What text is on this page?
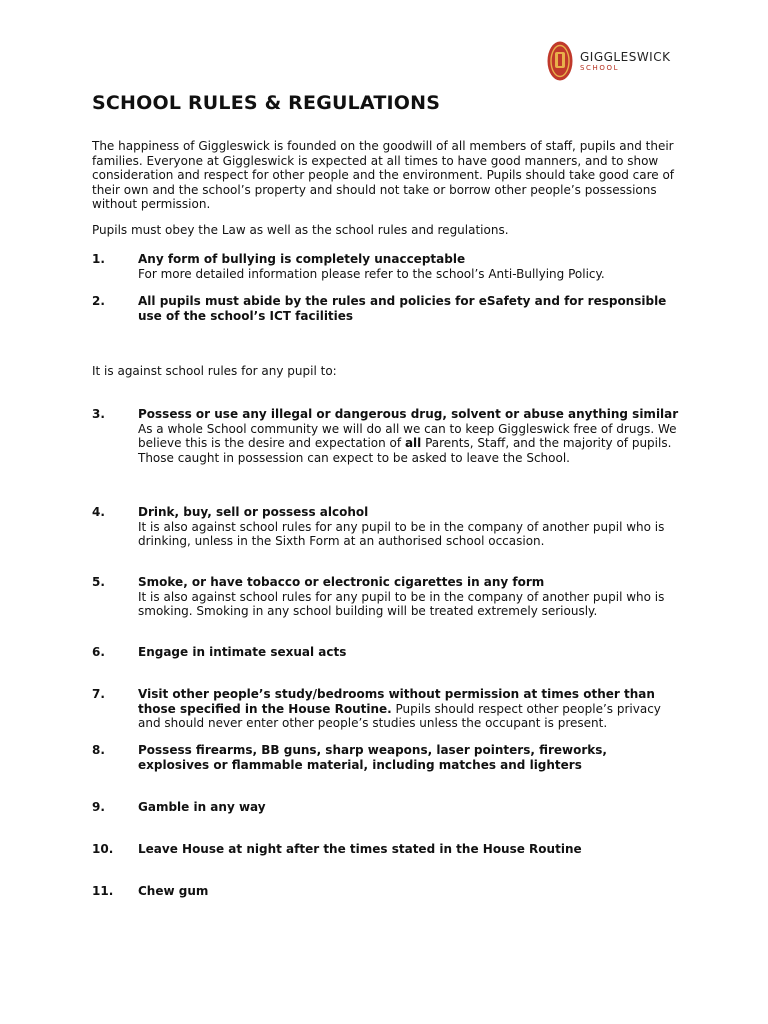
GIGGLESWICK
SCHOOL
SCHOOL RULES & REGULATIONS

The happiness of Giggleswick is founded on the goodwill of all members of staff, pupils and their families. Everyone at Giggleswick is expected at all times to have good manners, and to show consideration and respect for other people and the environment. Pupils should take good care of their own and the school’s property and should not take or borrow other people’s possessions without permission.

Pupils must obey the Law as well as the school rules and regulations.

1.	Any form of bullying is completely unacceptable
For more detailed information please refer to the school’s Anti-Bullying Policy.
2.	All pupils must abide by the rules and policies for eSafety and for responsible use of the school’s ICT facilities

It is against school rules for any pupil to:

3.	Possess or use any illegal or dangerous drug, solvent or abuse anything similar
As a whole School community we will do all we can to keep Giggleswick free of drugs. We believe this is the desire and expectation of all Parents, Staff, and the majority of pupils. Those caught in possession can expect to be asked to leave the School.
4.	Drink, buy, sell or possess alcohol
It is also against school rules for any pupil to be in the company of another pupil who is drinking, unless in the Sixth Form at an authorised school occasion.
5.	Smoke, or have tobacco or electronic cigarettes in any form
It is also against school rules for any pupil to be in the company of another pupil who is smoking. Smoking in any school building will be treated extremely seriously.
6.	Engage in intimate sexual acts
7.	Visit other people’s study/bedrooms without permission at times other than those specified in the House Routine. Pupils should respect other people’s privacy and should never enter other people’s studies unless the occupant is present.
8.	Possess firearms, BB guns, sharp weapons, laser pointers, fireworks, explosives or flammable material, including matches and lighters
9.	Gamble in any way
10. Leave House at night after the times stated in the House Routine
11. Chew gum
